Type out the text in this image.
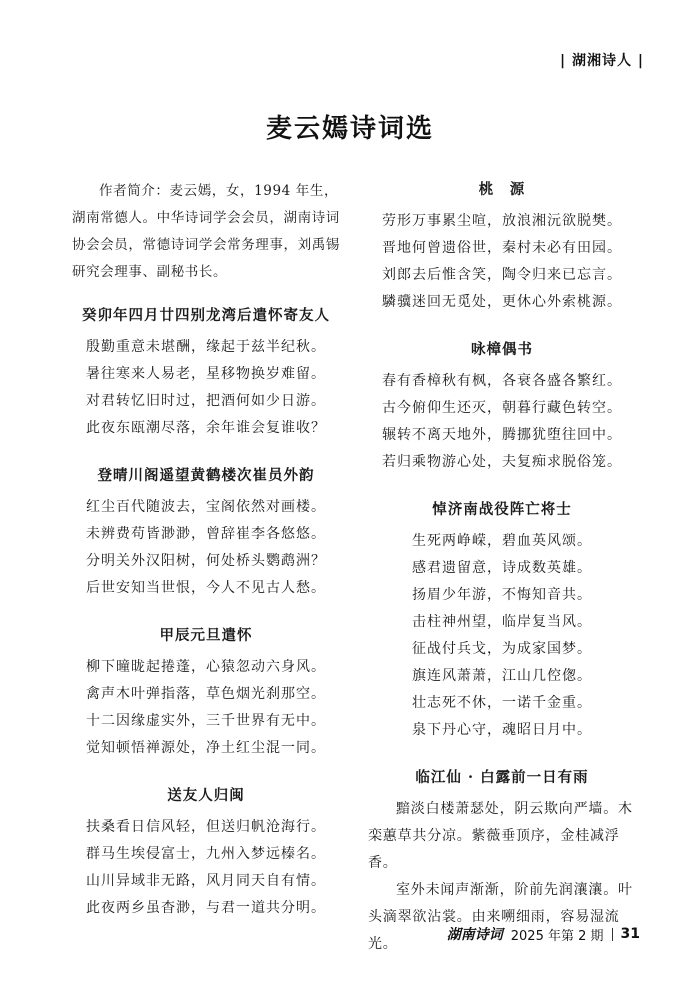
| 湖湘诗人 |
麦云嫣诗词选

作者简介：麦云嫣，女，1994 年生，湖南常德人。中华诗词学会会员，湖南诗词协会会员，常德诗词学会常务理事，刘禹锡研究会理事、副秘书长。

癸卯年四月廿四别龙湾后遣怀寄友人
殷勤重意未堪酬，缘起于兹半纪秋。
暑往寒来人易老，星移物换岁难留。
对君转忆旧时过，把酒何如少日游。
此夜东瓯潮尽落，余年谁会复谁收？
登晴川阁遥望黄鹤楼次崔员外韵
红尘百代随波去，宝阁依然对画楼。
未辨费苟皆渺渺，曾辞崔李各悠悠。
分明关外汉阳树，何处桥头鹦鹉洲？
后世安知当世恨，今人不见古人愁。
甲辰元旦遣怀
柳下曈昽起捲蓬，心猿忽动六身风。
禽声木叶弹指落，草色烟光刹那空。
十二因缘虚实外，三千世界有无中。
觉知顿悟禅源处，净土红尘混一同。
送友人归闽
扶桑看日信风轻，但送归帆沧海行。
群马生埃侵富士，九州入梦远榛名。
山川异域非无路，风月同天自有情。
此夜两乡虽杳渺，与君一道共分明。
桃　源
劳形万事累尘喧，放浪湘沅欲脱樊。
晋地何曾遗俗世，秦村未必有田园。
刘郎去后惟含笑，陶令归来已忘言。
驎骥迷回无觅处，更休心外索桃源。
咏樟偶书
春有香樟秋有枫，各衰各盛各繁红。
古今俯仰生还灭，朝暮行藏色转空。
辗转不离天地外，腾挪犹堕往回中。
若归乘物游心处，夫复痴求脱俗笼。
悼济南战役阵亡将士
生死两峥嵘，碧血英风颂。
感君遗留意，诗成数英雄。
扬眉少年游，不悔知音共。
击柱神州望，临岸复当风。
征战付兵戈，为成家国梦。
旗连风萧萧，江山几倥偬。
壮志死不休，一诺千金重。
泉下丹心守，魂昭日月中。
临江仙 · 白露前一日有雨
黯淡白楼萧瑟处，阴云欺向严墙。木栾蕙草共分凉。紫薇垂顶序，金桂减浮香。
室外未闻声渐渐，阶前先润瀼瀼。叶头滴翠欲沾裳。由来嗍细雨，容易湿流光。
湖南诗词 2025 年第 2 期 31
